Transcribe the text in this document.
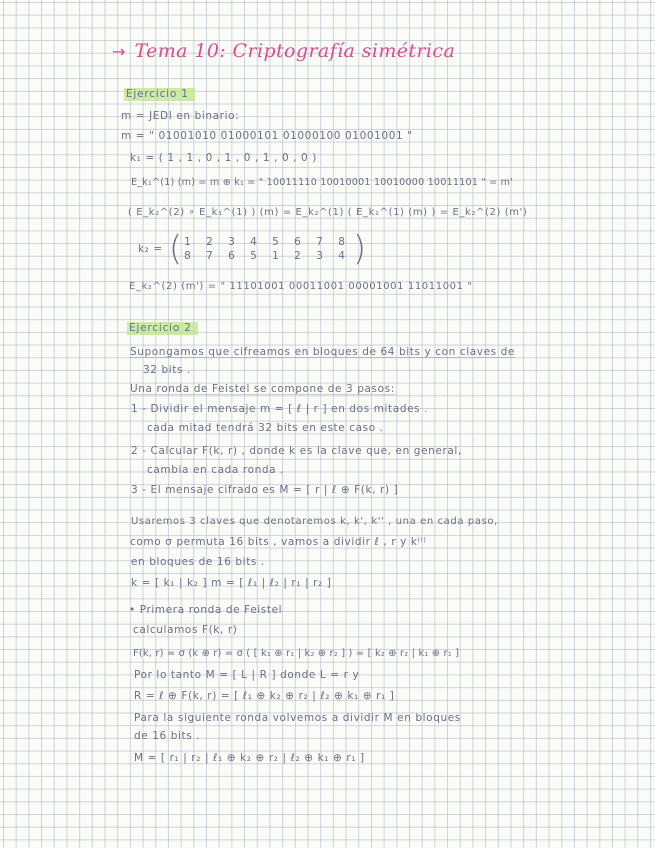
→ Tema 10: Criptografía simétrica
Ejercicio 1
m = JEDI en binario:
m = " 01001010 01000101 01000100 01001001 "
k₁ = ( 1 , 1 , 0 , 1 , 0 , 1 , 0 , 0 )
E_k₁^(1) (m) = m ⊕ k₁ = " 10011110 10010001 10010000 10011101 " = m'
( E_k₂^(2) ∘ E_k₁^(1) ) (m) = E_k₂^(1) ( E_k₁^(1) (m) ) = E_k₂^(2) (m')
k₂ = ( 1 2 3 4 5 6 7 8
8 7 6 5 1 2 3 4 )
E_k₂^(2) (m') = " 11101001 00011001 00001001 11011001 "
Ejercicio 2
Supongamos que cifreamos en bloques de 64 bits y con claves de
32 bits .
Una ronda de Feistel se compone de 3 pasos:
1 - Dividir el mensaje m = [ ℓ | r ] en dos mitades .
cada mitad tendrá 32 bits en este caso .
2 - Calcular F(k, r) , donde k es la clave que, en general,
cambia en cada ronda .
3 - El mensaje cifrado es M = [ r | ℓ ⊕ F(k, r) ]
Usaremos 3 claves que denotaremos k, k', k'' , una en cada paso,
como σ permuta 16 bits , vamos a dividir ℓ , r y k⁽ⁱ⁾
en bloques de 16 bits .
k = [ k₁ | k₂ ] m = [ ℓ₁ | ℓ₂ | r₁ | r₂ ]
• Primera ronda de Feistel
calculamos F(k, r)
F(k, r) = σ (k ⊕ r) = σ ( [ k₁ ⊕ r₁ | k₂ ⊕ r₂ ] ) = [ k₂ ⊕ r₂ | k₁ ⊕ r₁ ]
Por lo tanto M = [ L | R ] donde L = r y
R = ℓ ⊕ F(k, r) = [ ℓ₁ ⊕ k₂ ⊕ r₂ | ℓ₂ ⊕ k₁ ⊕ r₁ ]
Para la siguiente ronda volvemos a dividir M en bloques
de 16 bits .
M = [ r₁ | r₂ | ℓ₁ ⊕ k₂ ⊕ r₂ | ℓ₂ ⊕ k₁ ⊕ r₁ ]
